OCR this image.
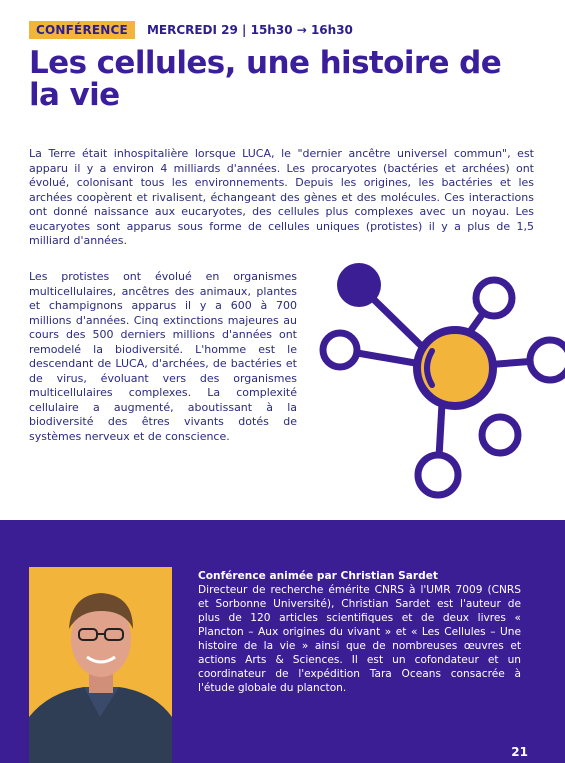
CONFÉRENCE	MERCREDI 29 | 15h30 → 16h30
Les cellules, une histoire de la vie

La Terre était inhospitalière lorsque LUCA, le "dernier ancêtre universel commun", est apparu il y a environ 4 milliards d'années. Les procaryotes (bactéries et archées) ont évolué, colonisant tous les environnements. Depuis les origines, les bactéries et les archées coopèrent et rivalisent, échangeant des gènes et des molécules. Ces interactions ont donné naissance aux eucaryotes, des cellules plus complexes avec un noyau. Les eucaryotes sont apparus sous forme de cellules uniques (protistes) il y a plus de 1,5 milliard d'années.

Les protistes ont évolué en organismes multicellulaires, ancêtres des animaux, plantes et champignons apparus il y a 600 à 700 millions d'années. Cinq extinctions majeures au cours des 500 derniers millions d'années ont remodelé la biodiversité. L'homme est le descendant de LUCA, d'archées, de bactéries et de virus, évoluant vers des organismes multicellulaires complexes. La complexité cellulaire a augmenté, aboutissant à la biodiversité des êtres vivants dotés de systèmes nerveux et de conscience.

Conférence animée par Christian Sardet
Directeur de recherche émérite CNRS à l'UMR 7009 (CNRS et Sorbonne Université), Christian Sardet est l'auteur de plus de 120 articles scientifiques et de deux livres « Plancton – Aux origines du vivant » et « Les Cellules – Une histoire de la vie » ainsi que de nombreuses œuvres et actions Arts & Sciences. Il est un cofondateur et un coordinateur de l'expédition Tara Oceans consacrée à l'étude globale du plancton.
21
